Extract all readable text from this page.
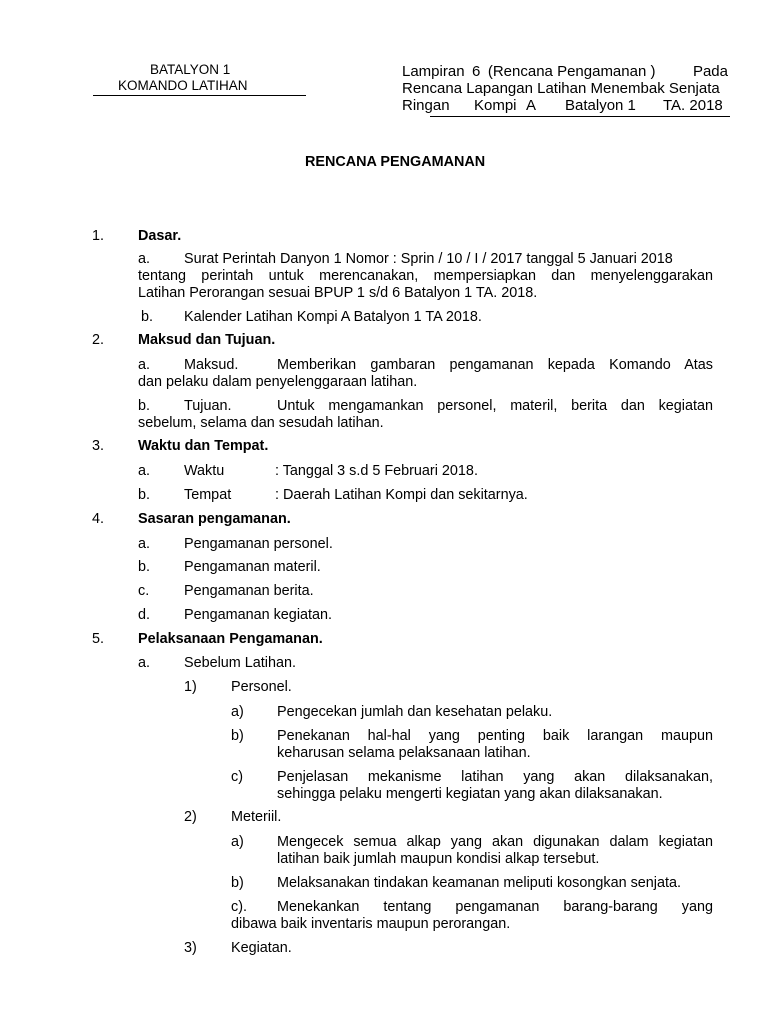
BATALYON 1
KOMANDO LATIHAN
Lampiran 6 (Rencana Pengamanan ) Pada
Rencana Lapangan Latihan Menembak Senjata
Ringan Kompi A Batalyon 1 TA. 2018
RENCANA PENGAMANAN
1. Dasar.
a. Surat Perintah Danyon 1 Nomor : Sprin / 10 / I / 2017 tanggal 5 Januari 2018
tentang perintah untuk merencanakan, mempersiapkan dan menyelenggarakan
Latihan Perorangan sesuai BPUP 1 s/d 6 Batalyon 1 TA. 2018.
b. Kalender Latihan Kompi A Batalyon 1 TA 2018.
2. Maksud dan Tujuan.
a. Maksud.	Memberikan gambaran pengamanan kepada Komando Atas
dan pelaku dalam penyelenggaraan latihan.
b. Tujuan.	Untuk mengamankan personel, materil, berita dan kegiatan
sebelum, selama dan sesudah latihan.
3. Waktu dan Tempat.
a. Waktu	: Tanggal 3 s.d 5 Februari 2018.
b. Tempat	: Daerah Latihan Kompi dan sekitarnya.
4. Sasaran pengamanan.
a. Pengamanan personel.
b. Pengamanan materil.
c. Pengamanan berita.
d. Pengamanan kegiatan.
5. Pelaksanaan Pengamanan.
a. Sebelum Latihan.
1) Personel.
a) Pengecekan jumlah dan kesehatan pelaku.
b) Penekanan hal-hal yang penting baik larangan maupun
keharusan selama pelaksanaan latihan.
c) Penjelasan mekanisme latihan yang akan dilaksanakan,
sehingga pelaku mengerti kegiatan yang akan dilaksanakan.
2) Meteriil.
a) Mengecek semua alkap yang akan digunakan dalam kegiatan
latihan baik jumlah maupun kondisi alkap tersebut.
b) Melaksanakan tindakan keamanan meliputi kosongkan senjata.
c). Menekankan tentang pengamanan barang-barang yang
dibawa baik inventaris maupun perorangan.
3) Kegiatan.
